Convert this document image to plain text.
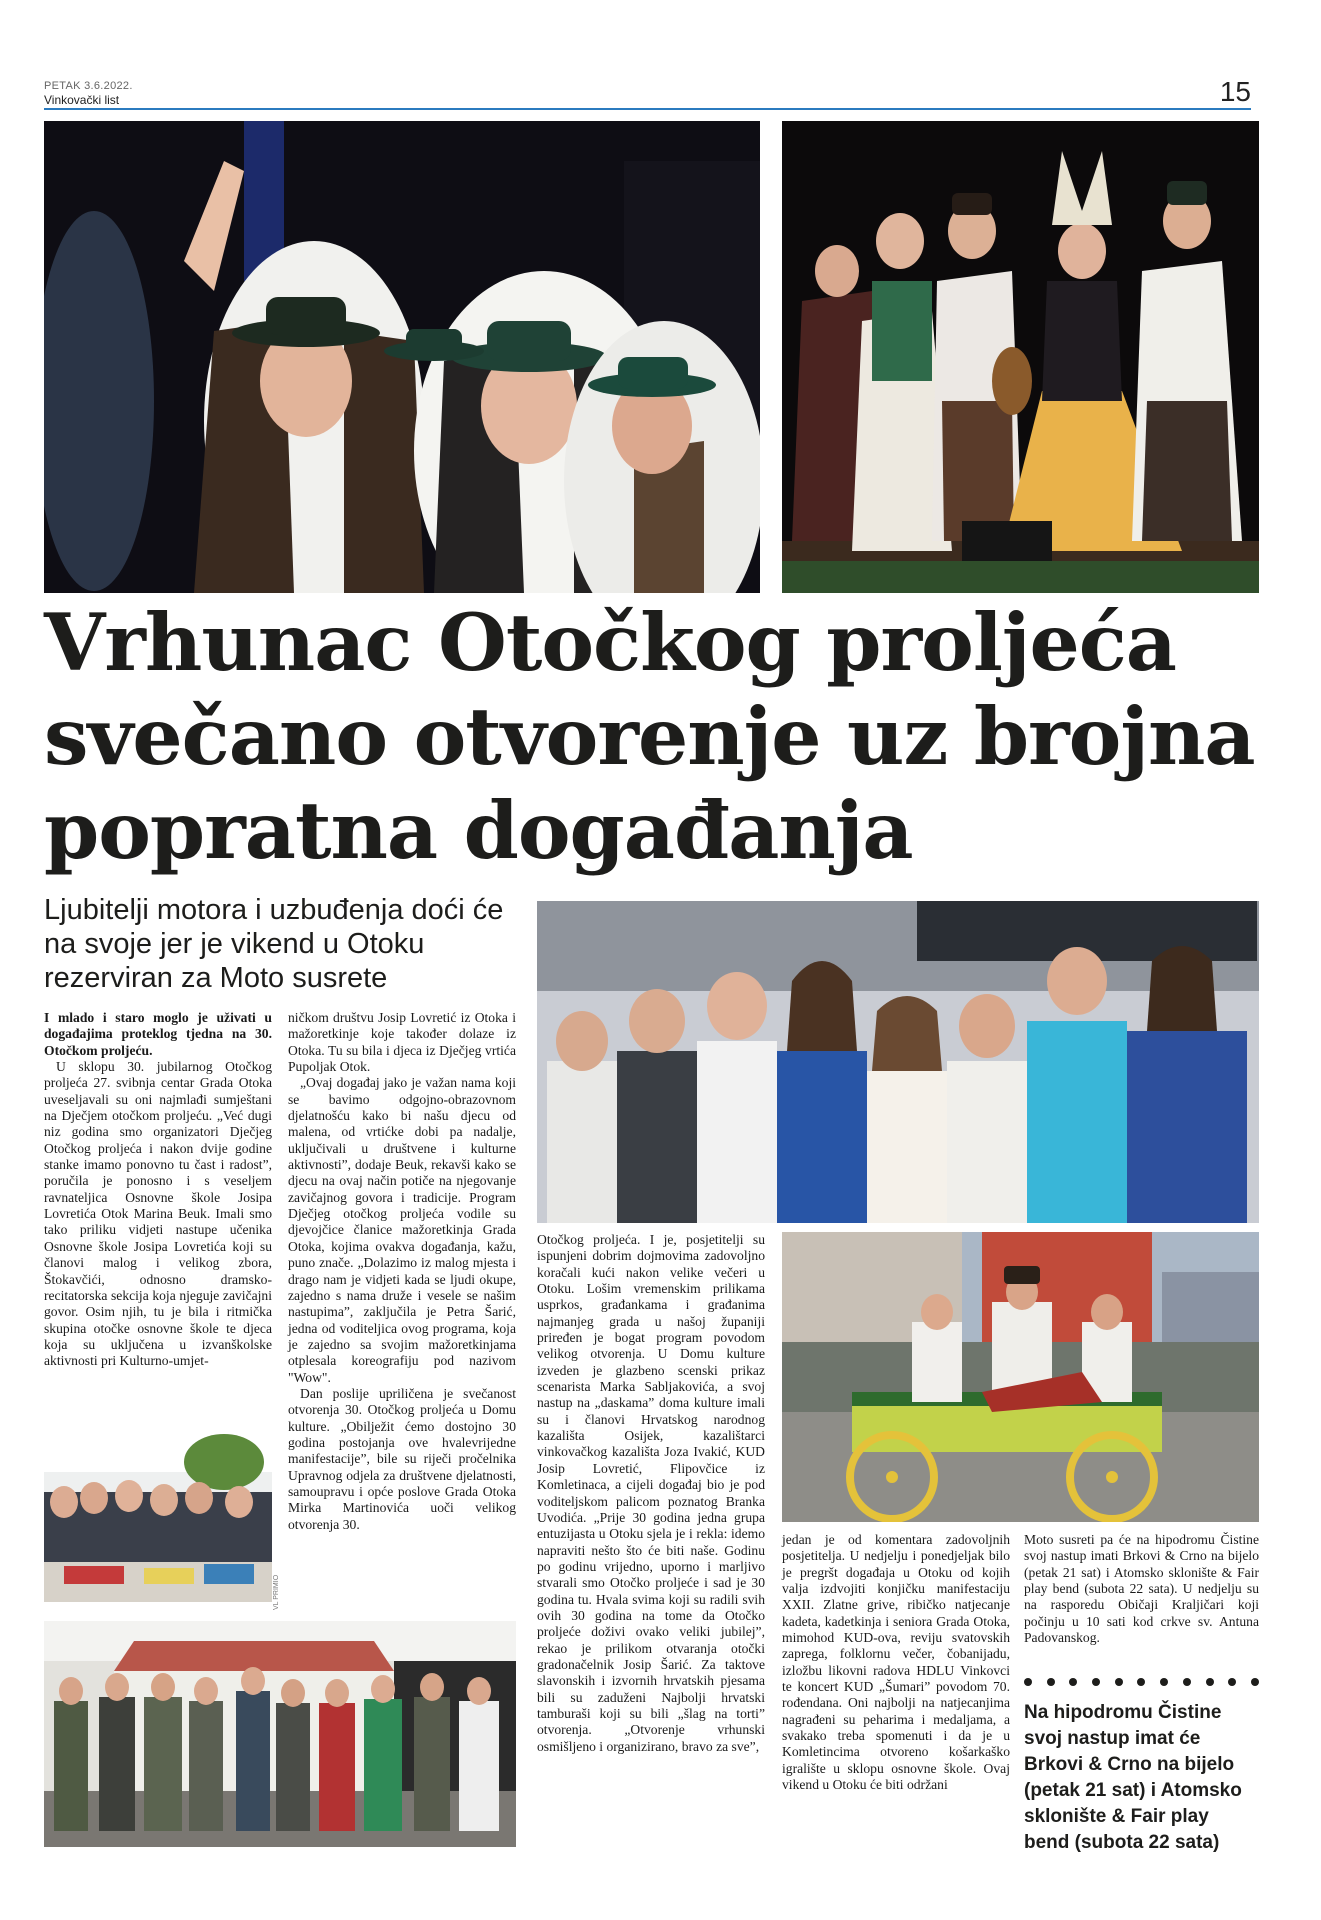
PETAK 3.6.2022.
Vinkovački list	15
Vrhunac Otočkog proljeća svečano otvorenje uz brojna popratna događanja
Ljubitelji motora i uzbuđenja doći će na svoje jer je vikend u Otoku rezerviran za Moto susrete

I mlado i staro moglo je uživati u događajima proteklog tjedna na 30. Otočkom proljeću.

U sklopu 30. jubilarnog Otočkog proljeća 27. svibnja centar Grada Otoka uveseljavali su oni najmlađi sumještani na Dječjem otočkom proljeću. „Već dugi niz godina smo organizatori Dječjeg Otočkog proljeća i nakon dvije godine stanke imamo ponovno tu čast i radost”, poručila je ponosno i s veseljem ravnateljica Osnovne škole Josipa Lovretića Otok Marina Beuk. Imali smo tako priliku vidjeti nastupe učenika Osnovne škole Josipa Lovretića koji su članovi malog i velikog zbora, Štokavčići, odnosno dramsko-recitatorska sekcija koja njeguje zavičajni govor. Osim njih, tu je bila i ritmička skupina otočke osnovne škole te djeca koja su uključena u izvanškolske aktivnosti pri Kulturno-umjet-

ničkom društvu Josip Lovretić iz Otoka i mažoretkinje koje također dolaze iz Otoka. Tu su bila i djeca iz Dječjeg vrtića Pupoljak Otok.

„Ovaj događaj jako je važan nama koji se bavimo odgojno-obrazovnom djelatnošću kako bi našu djecu od malena, od vrtićke dobi pa nadalje, uključivali u društvene i kulturne aktivnosti”, dodaje Beuk, rekavši kako se djecu na ovaj način potiče na njegovanje zavičajnog govora i tradicije. Program Dječjeg otočkog proljeća vodile su djevojčice članice mažoretkinja Grada Otoka, kojima ovakva događanja, kažu, puno znače. „Dolazimo iz malog mjesta i drago nam je vidjeti kada se ljudi okupe, zajedno s nama druže i vesele se našim nastupima”, zaključila je Petra Šarić, jedna od voditeljica ovog programa, koja je zajedno sa svojim mažoretkinjama otplesala koreografiju pod nazivom "Wow".

Dan poslije upriličena je svečanost otvorenja 30. Otočkog proljeća u Domu kulture. „Obilježit ćemo dostojno 30 godina postojanja ove hvalevrijedne manifestacije”, bile su riječi pročelnika Upravnog odjela za društvene djelatnosti, samoupravu i opće poslove Grada Otoka Mirka Martinovića uoči velikog otvorenja 30.

Otočkog proljeća. I je, posjetitelji su ispunjeni dobrim dojmovima zadovoljno koračali kući nakon velike večeri u Otoku. Lošim vremenskim prilikama usprkos, građankama i građanima najmanjeg grada u našoj županiji priređen je bogat program povodom velikog otvorenja. U Domu kulture izveden je glazbeno scenski prikaz scenarista Marka Sabljakovića, a svoj nastup na „daskama” doma kulture imali su i članovi Hrvatskog narodnog kazališta Osijek, kazalištarci vinkovačkog kazališta Joza Ivakić, KUD Josip Lovretić, Flipovčice iz Komletinaca, a cijeli događaj bio je pod voditeljskom palicom poznatog Branka Uvodića. „Prije 30 godina jedna grupa entuzijasta u Otoku sjela je i rekla: idemo napraviti nešto što će biti naše. Godinu po godinu vrijedno, uporno i marljivo stvarali smo Otočko proljeće i sad je 30 godina tu. Hvala svima koji su radili svih ovih 30 godina na tome da Otočko proljeće doživi ovako veliki jubilej”, rekao je prilikom otvaranja otočki gradonačelnik Josip Šarić. Za taktove slavonskih i izvornih hrvatskih pjesama bili su zaduženi Najbolji hrvatski tamburaši koji su bili „šlag na torti” otvorenja. „Otvorenje vrhunski osmišljeno i organizirano, bravo za sve”,

VL PRIMIO

jedan je od komentara zadovoljnih posjetitelja. U nedjelju i ponedjeljak bilo je pregršt događaja u Otoku od kojih valja izdvojiti konjičku manifestaciju XXII. Zlatne grive, ribičko natjecanje kadeta, kadetkinja i seniora Grada Otoka, mimohod KUD-ova, reviju svatovskih zaprega, folklornu večer, čobanijadu, izložbu likovni radova HDLU Vinkovci te koncert KUD „Šumari” povodom 70. rođendana. Oni najbolji na natjecanjima nagrađeni su peharima i medaljama, a svakako treba spomenuti i da je u Komletincima otvoreno košarkaško igralište u sklopu osnovne škole. Ovaj vikend u Otoku će biti održani

Moto susreti pa će na hipodromu Čistine svoj nastup imati Brkovi & Crno na bijelo (petak 21 sat) i Atomsko sklonište & Fair play bend (subota 22 sata). U nedjelju su na rasporedu Običaji Kraljičari koji počinju u 10 sati kod crkve sv. Antuna Padovanskog.

Na hipodromu Čistine svoj nastup imat će Brkovi & Crno na bijelo (petak 21 sat) i Atomsko sklonište & Fair play bend (subota 22 sata)
